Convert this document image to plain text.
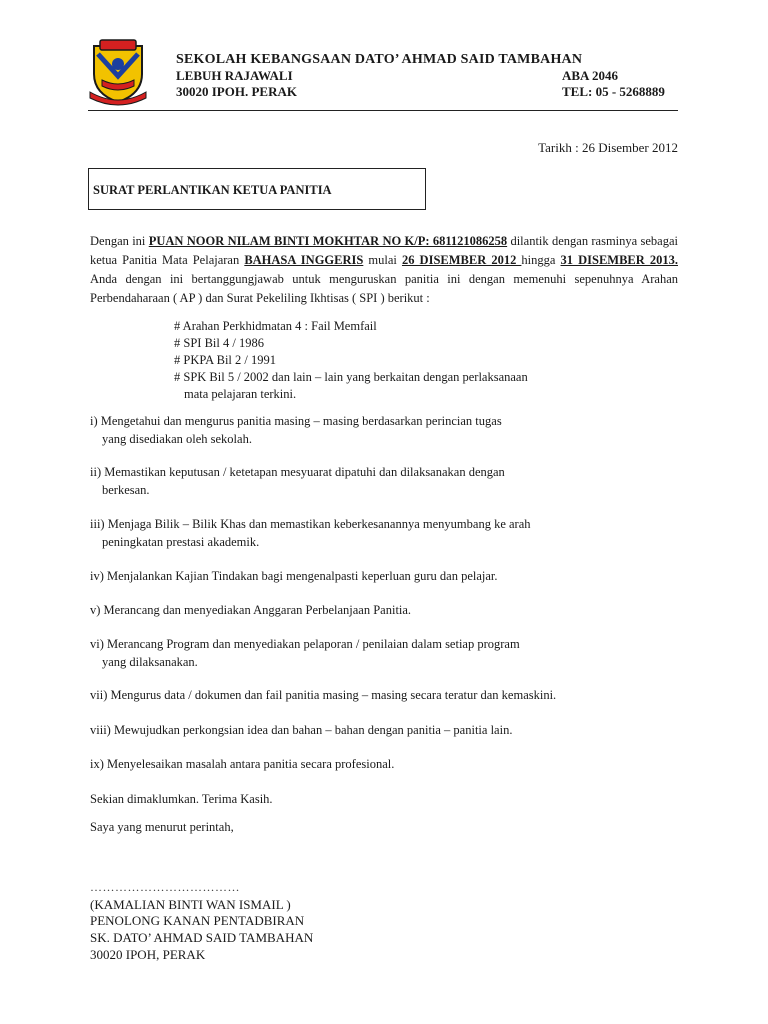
SEKOLAH KEBANGSAAN DATO’ AHMAD SAID TAMBAHAN
LEBUH RAJAWALI
30020 IPOH. PERAK
ABA 2046
TEL: 05 - 5268889
Tarikh : 26 Disember 2012
SURAT PERLANTIKAN KETUA PANITIA
Dengan ini PUAN NOOR NILAM BINTI MOKHTAR NO K/P: 681121086258 dilantik dengan rasminya sebagai ketua Panitia Mata Pelajaran BAHASA INGGERIS mulai 26 DISEMBER 2012 hingga 31 DISEMBER 2013. Anda dengan ini bertanggungjawab untuk menguruskan panitia ini dengan memenuhi sepenuhnya Arahan Perbendaharaan ( AP ) dan Surat Pekeliling Ikhtisas ( SPI ) berikut :
# Arahan Perkhidmatan 4 : Fail Memfail
# SPI Bil 4 / 1986
# PKPA Bil 2 / 1991
# SPK Bil 5 / 2002 dan lain – lain yang berkaitan dengan perlaksanaan
mata pelajaran terkini.
i) Mengetahui dan mengurus panitia masing – masing berdasarkan perincian tugas
yang disediakan oleh sekolah.
ii) Memastikan keputusan / ketetapan mesyuarat dipatuhi dan dilaksanakan dengan
berkesan.
iii) Menjaga Bilik – Bilik Khas dan memastikan keberkesanannya menyumbang ke arah
peningkatan prestasi akademik.
iv) Menjalankan Kajian Tindakan bagi mengenalpasti keperluan guru dan pelajar.
v) Merancang dan menyediakan Anggaran Perbelanjaan Panitia.
vi) Merancang Program dan menyediakan pelaporan / penilaian dalam setiap program
yang dilaksanakan.
vii) Mengurus data / dokumen dan fail panitia masing – masing secara teratur dan kemaskini.
viii) Mewujudkan perkongsian idea dan bahan – bahan dengan panitia – panitia lain.
ix) Menyelesaikan masalah antara panitia secara profesional.
Sekian dimaklumkan. Terima Kasih.
Saya yang menurut perintah,
………………………………
(KAMALIAN BINTI WAN ISMAIL )
PENOLONG KANAN PENTADBIRAN
SK. DATO’ AHMAD SAID TAMBAHAN
30020 IPOH, PERAK
